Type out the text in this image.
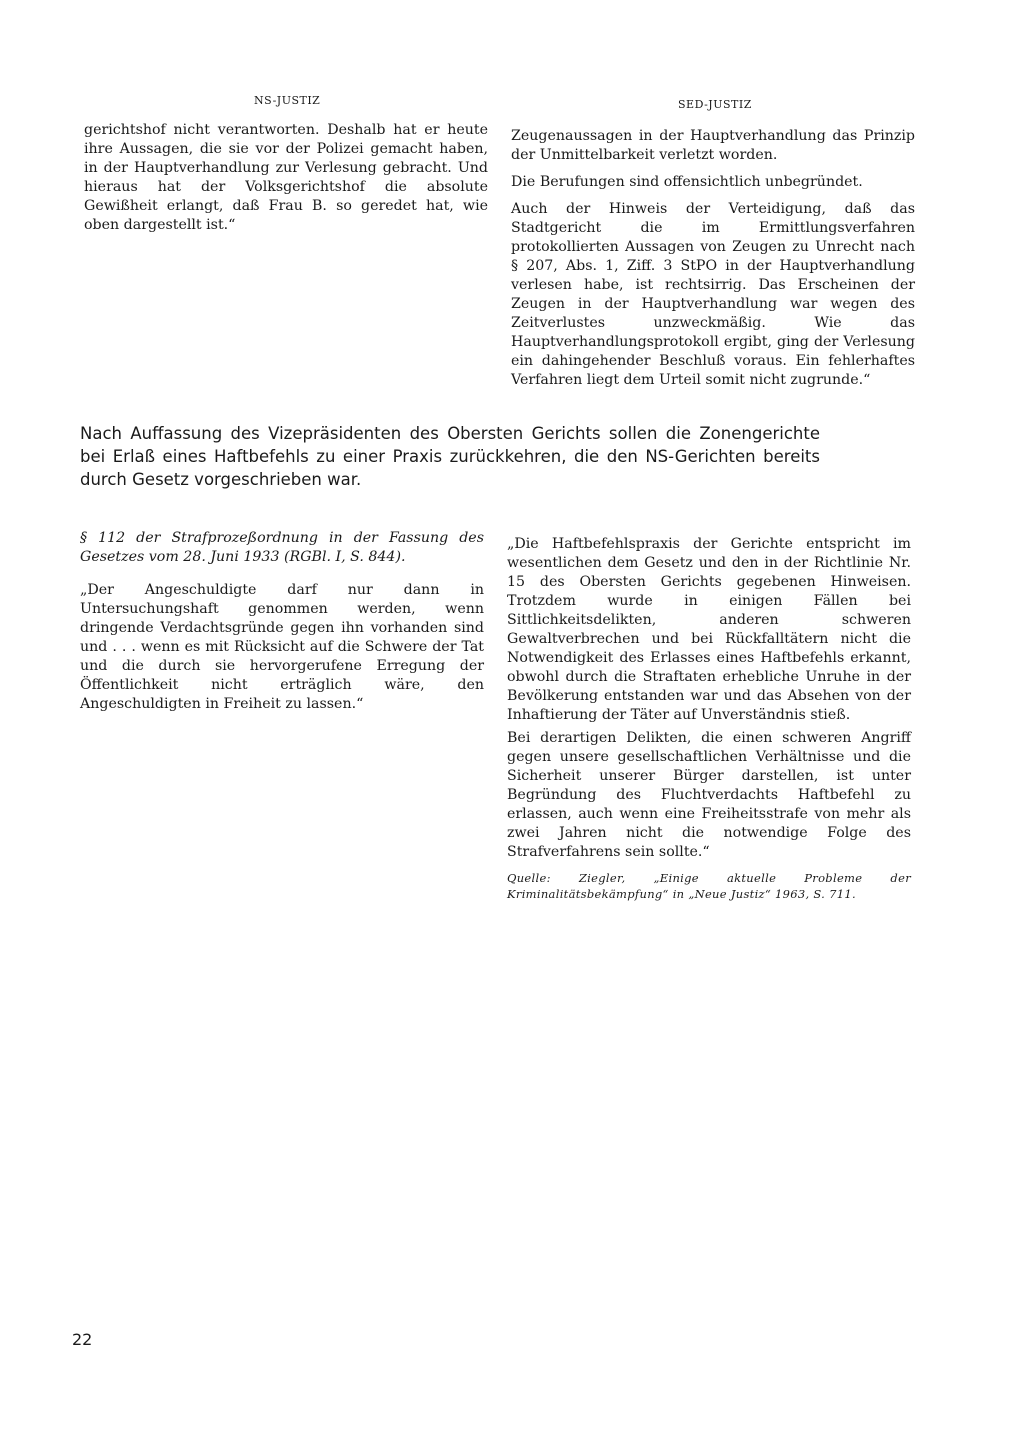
NS-JUSTIZ	SED-JUSTIZ

gerichtshof nicht verantworten. Deshalb hat er heute ihre Aussagen, die sie vor der Polizei gemacht haben, in der Hauptverhandlung zur Verlesung gebracht. Und hieraus hat der Volksgerichtshof die absolute Gewißheit erlangt, daß Frau B. so geredet hat, wie oben dargestellt ist.“

Zeugenaussagen in der Hauptverhandlung das Prinzip der Unmittelbarkeit verletzt worden.

Die Berufungen sind offensichtlich unbegründet.

Auch der Hinweis der Verteidigung, daß das Stadtgericht die im Ermittlungsverfahren protokollierten Aussagen von Zeugen zu Unrecht nach § 207, Abs. 1, Ziff. 3 StPO in der Hauptverhandlung verlesen habe, ist rechtsirrig. Das Erscheinen der Zeugen in der Hauptverhandlung war wegen des Zeitverlustes unzweckmäßig. Wie das Hauptverhandlungsprotokoll ergibt, ging der Verlesung ein dahingehender Beschluß voraus. Ein fehlerhaftes Verfahren liegt dem Urteil somit nicht zugrunde.“

Nach Auffassung des Vizepräsidenten des Obersten Gerichts sollen die Zonengerichte bei Erlaß eines Haftbefehls zu einer Praxis zurückkehren, die den NS-Gerichten bereits durch Gesetz vorgeschrieben war.

§ 112 der Strafprozeßordnung in der Fassung des Gesetzes vom 28. Juni 1933 (RGBl. I, S. 844).

„Der Angeschuldigte darf nur dann in Untersuchungshaft genommen werden, wenn dringende Verdachtsgründe gegen ihn vorhanden sind und . . . wenn es mit Rücksicht auf die Schwere der Tat und die durch sie hervorgerufene Erregung der Öffentlichkeit nicht erträglich wäre, den Angeschuldigten in Freiheit zu lassen.“

„Die Haftbefehlspraxis der Gerichte entspricht im wesentlichen dem Gesetz und den in der Richtlinie Nr. 15 des Obersten Gerichts gegebenen Hinweisen. Trotzdem wurde in einigen Fällen bei Sittlichkeitsdelikten, anderen schweren Gewaltverbrechen und bei Rückfalltätern nicht die Notwendigkeit des Erlasses eines Haftbefehls erkannt, obwohl durch die Straftaten erhebliche Unruhe in der Bevölkerung entstanden war und das Absehen von der Inhaftierung der Täter auf Unverständnis stieß.

Bei derartigen Delikten, die einen schweren Angriff gegen unsere gesellschaftlichen Verhältnisse und die Sicherheit unserer Bürger darstellen, ist unter Begründung des Fluchtverdachts Haftbefehl zu erlassen, auch wenn eine Freiheitsstrafe von mehr als zwei Jahren nicht die notwendige Folge des Strafverfahrens sein sollte.“

Quelle: Ziegler, „Einige aktuelle Probleme der Kriminalitätsbekämpfung“ in „Neue Justiz“ 1963, S. 711.

22
